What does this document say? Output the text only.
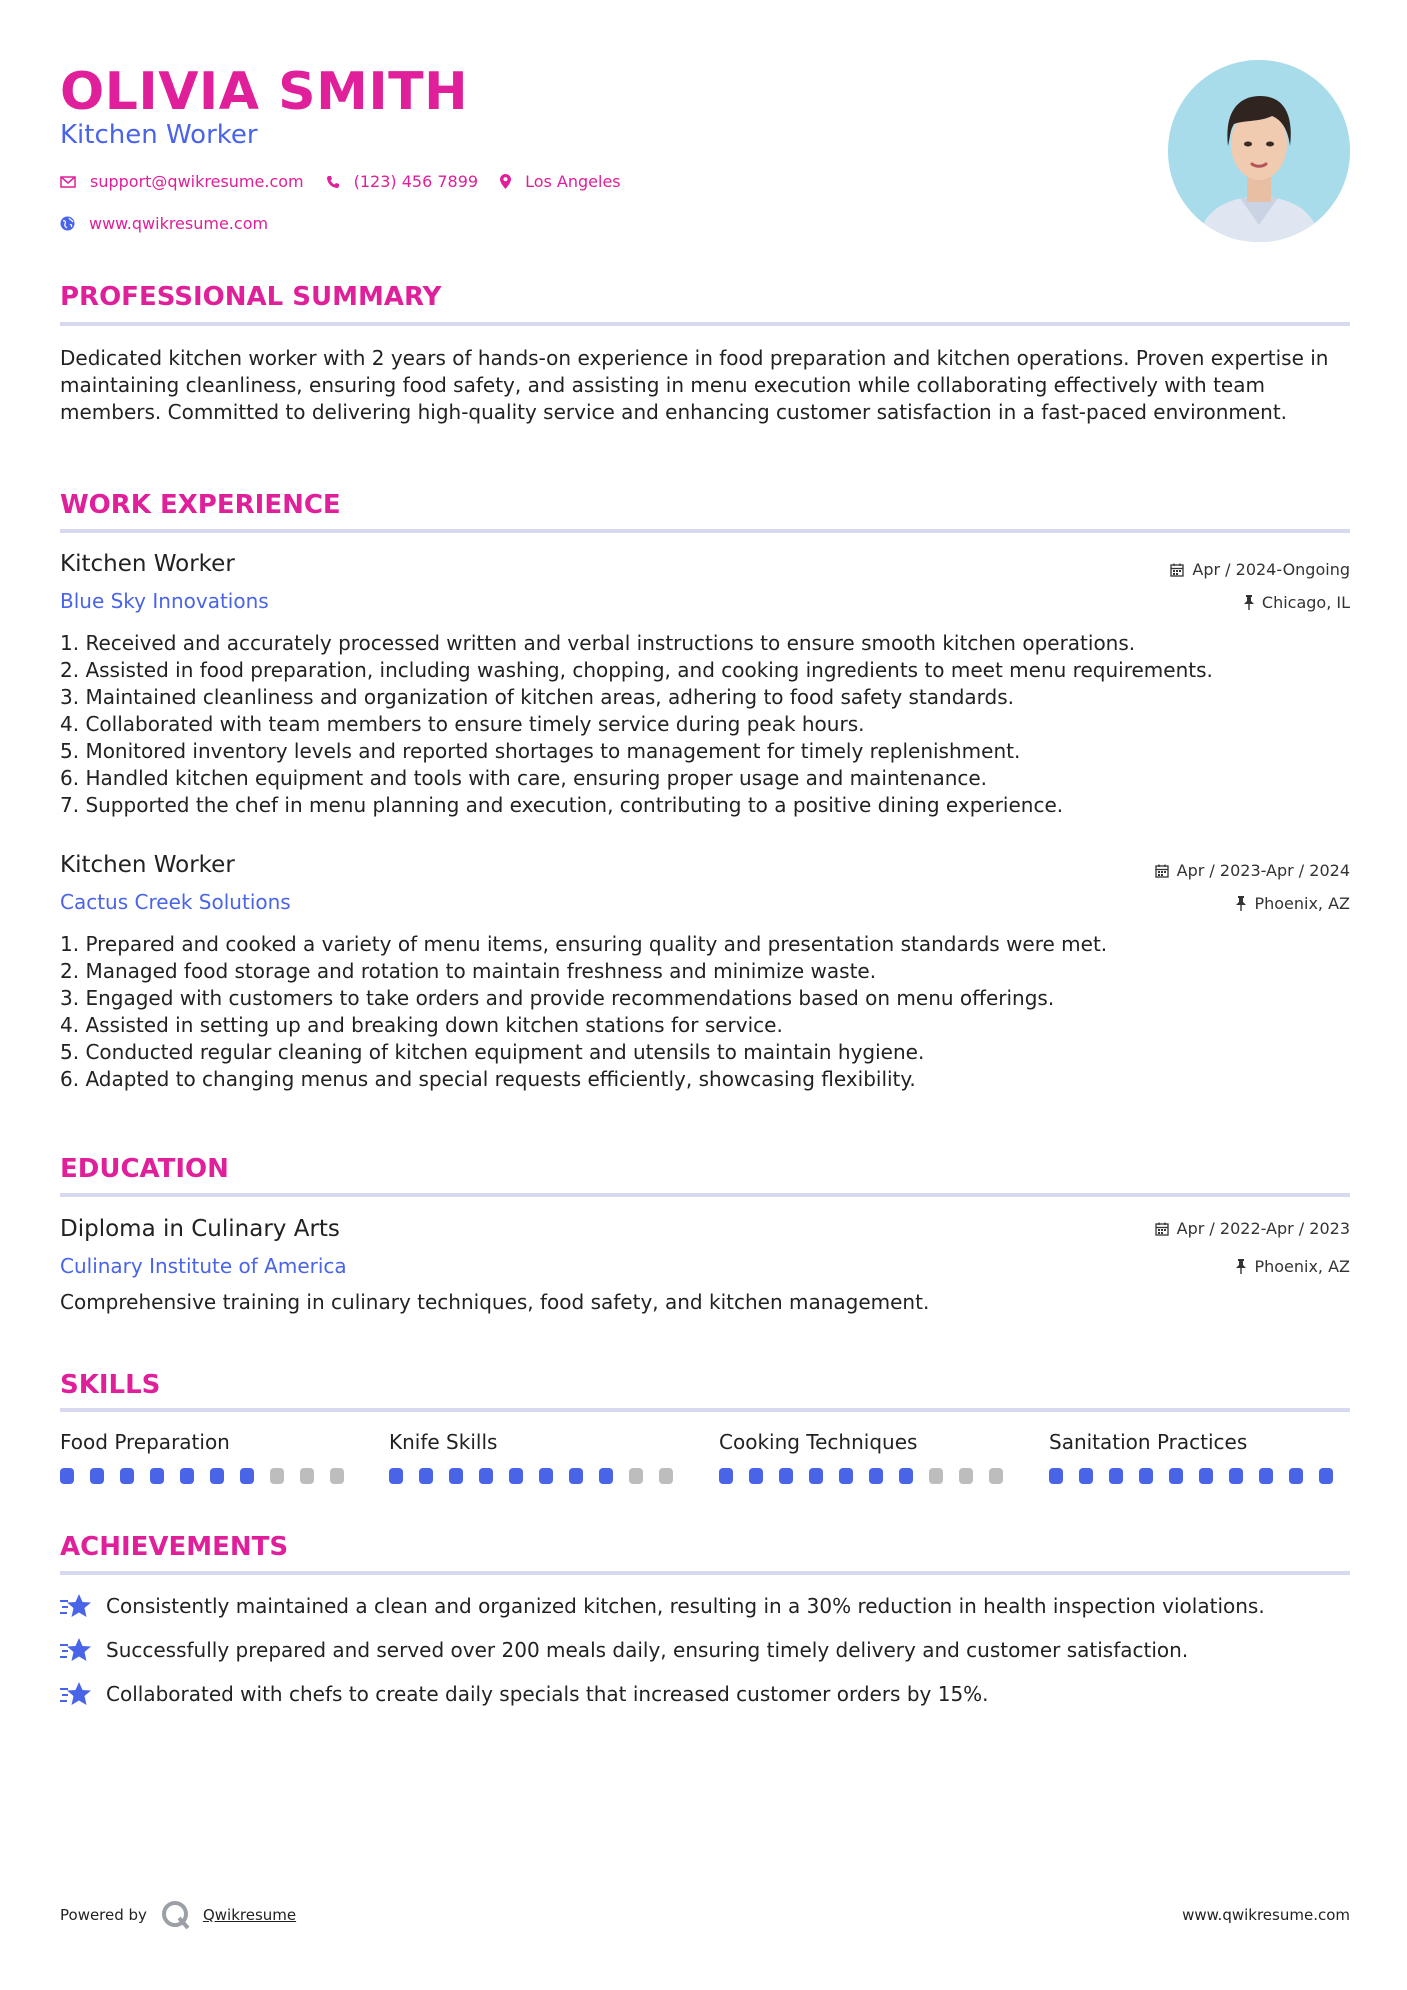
OLIVIA SMITH
Kitchen Worker
support@qwikresume.com	(123) 456 7899	Los Angeles
www.qwikresume.com
PROFESSIONAL SUMMARY
Dedicated kitchen worker with 2 years of hands-on experience in food preparation and kitchen operations. Proven expertise in maintaining cleanliness, ensuring food safety, and assisting in menu execution while collaborating effectively with team members. Committed to delivering high-quality service and enhancing customer satisfaction in a fast-paced environment.
WORK EXPERIENCE
Kitchen Worker	Apr / 2024-Ongoing
Blue Sky Innovations	Chicago, IL
1. Received and accurately processed written and verbal instructions to ensure smooth kitchen operations.
2. Assisted in food preparation, including washing, chopping, and cooking ingredients to meet menu requirements.
3. Maintained cleanliness and organization of kitchen areas, adhering to food safety standards.
4. Collaborated with team members to ensure timely service during peak hours.
5. Monitored inventory levels and reported shortages to management for timely replenishment.
6. Handled kitchen equipment and tools with care, ensuring proper usage and maintenance.
7. Supported the chef in menu planning and execution, contributing to a positive dining experience.
Kitchen Worker	Apr / 2023-Apr / 2024
Cactus Creek Solutions	Phoenix, AZ
1. Prepared and cooked a variety of menu items, ensuring quality and presentation standards were met.
2. Managed food storage and rotation to maintain freshness and minimize waste.
3. Engaged with customers to take orders and provide recommendations based on menu offerings.
4. Assisted in setting up and breaking down kitchen stations for service.
5. Conducted regular cleaning of kitchen equipment and utensils to maintain hygiene.
6. Adapted to changing menus and special requests efficiently, showcasing flexibility.
EDUCATION
Diploma in Culinary Arts	Apr / 2022-Apr / 2023
Culinary Institute of America	Phoenix, AZ
Comprehensive training in culinary techniques, food safety, and kitchen management.
SKILLS
Food Preparation	Knife Skills	Cooking Techniques	Sanitation Practices
ACHIEVEMENTS
Consistently maintained a clean and organized kitchen, resulting in a 30% reduction in health inspection violations.
Successfully prepared and served over 200 meals daily, ensuring timely delivery and customer satisfaction.
Collaborated with chefs to create daily specials that increased customer orders by 15%.
Powered by	Qwikresume	www.qwikresume.com
